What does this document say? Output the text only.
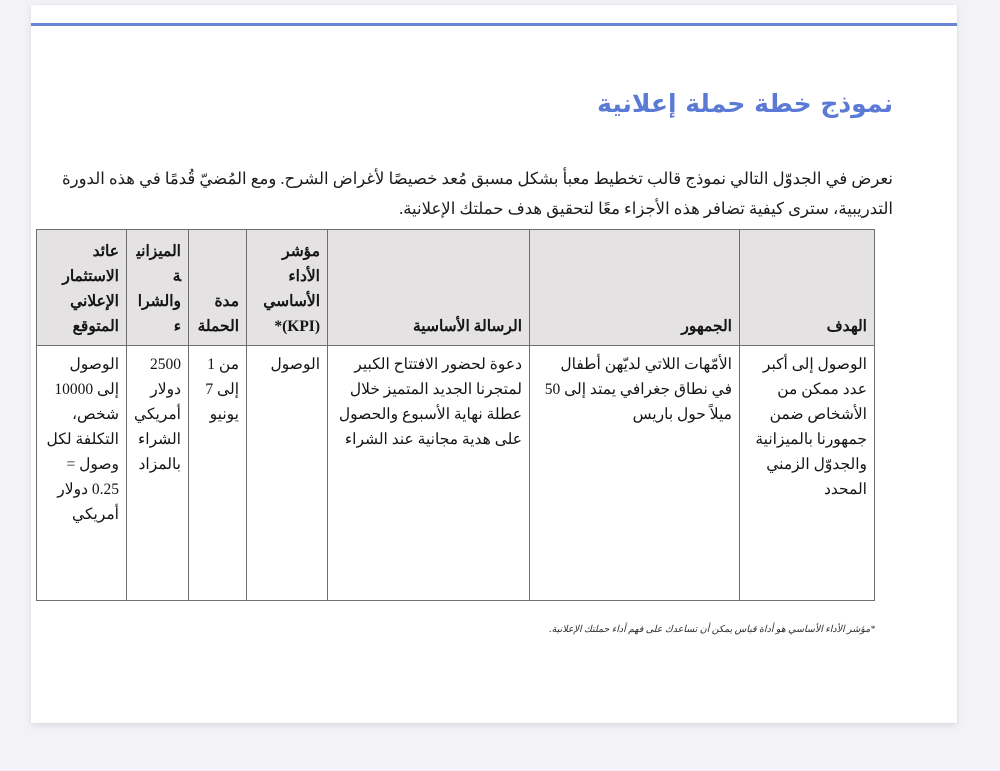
نموذج خطة حملة إعلانية

نعرض في الجدوّل التالي نموذج قالب تخطيط معبأ بشكل مسبق مُعد خصيصًا لأغراض الشرح. ومع المُضيّ قُدمًا في هذه الدورة التدريبية، سترى كيفية تضافر هذه الأجزاء معًا لتحقيق هدف حملتك الإعلانية.

الهدف	الجمهور	الرسالة الأساسية	مؤشر الأداء الأساسي (KPI)*	مدة الحملة	الميزانية والشراء	عائد الاستثمار الإعلاني المتوقع
الوصول إلى أكبر عدد ممكن من الأشخاص ضمن جمهورنا بالميزانية والجدوّل الزمني المحدد	الأمّهات اللاتي لديّهن أطفال في نطاق جغرافي يمتد إلى 50 ميلاً حول باريس	دعوة لحضور الافتتاح الكبير لمتجرنا الجديد المتميز خلال عطلة نهاية الأسبوع والحصول على هدية مجانية عند الشراء	الوصول	من 1 إلى 7 يونيو	2500 دولار أمريكي الشراء بالمزاد	الوصول إلى 10000 شخص، التكلفة لكل وصول = 0.25 دولار أمريكي
*مؤشر الأداء الأساسي هو أداة قياس يمكن أن تساعدك على فهم أداء حملتك الإعلانية.
